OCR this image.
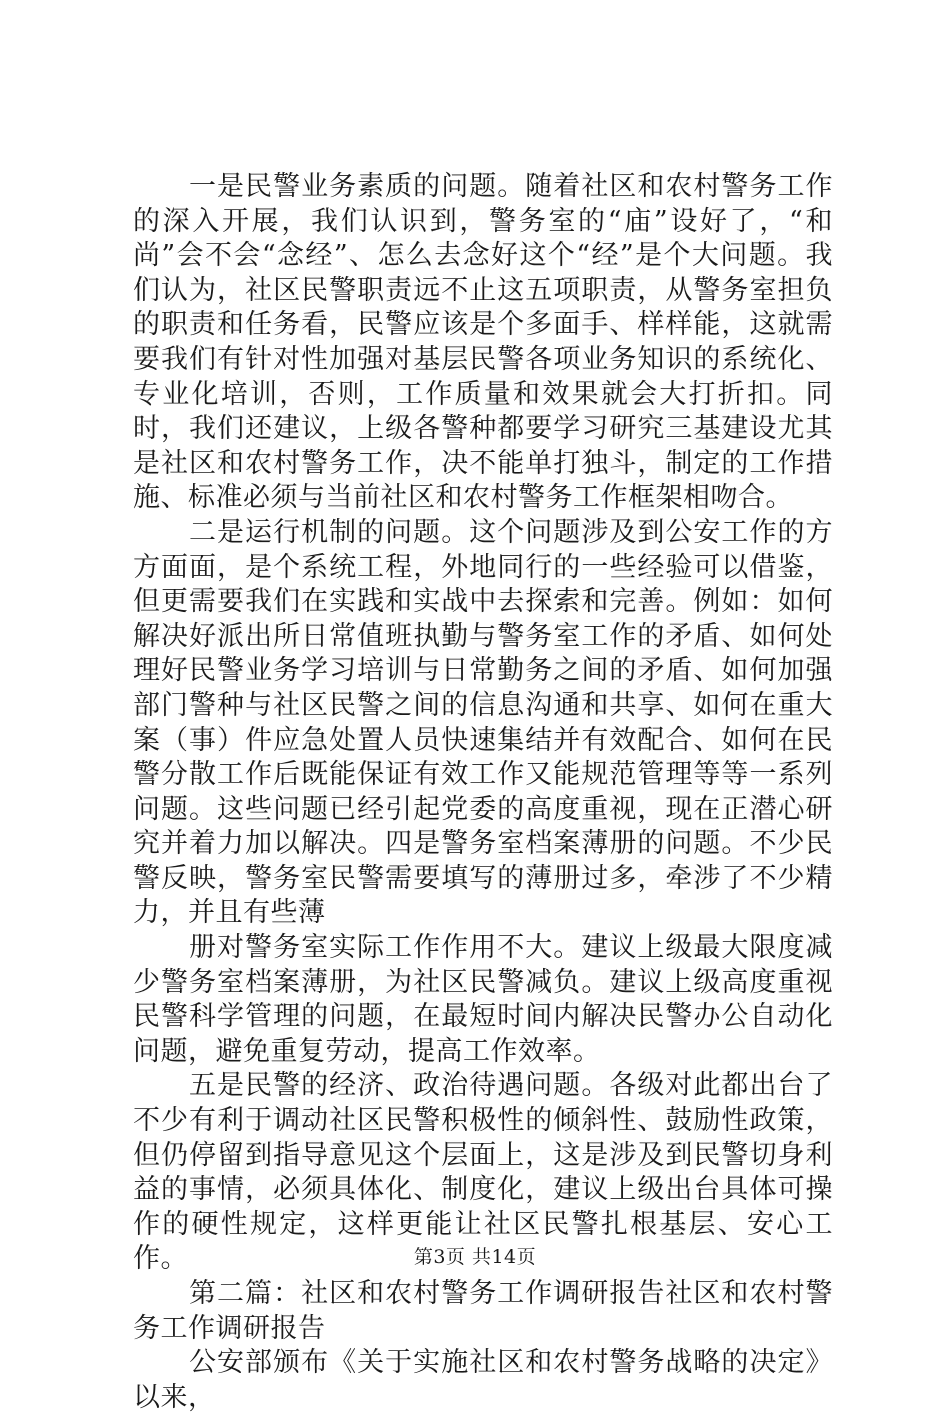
一是民警业务素质的问题。随着社区和农村警务工作的深入开展，我们认识到，警务室的“庙”设好了，“和尚”会不会“念经”、怎么去念好这个“经”是个大问题。我们认为，社区民警职责远不止这五项职责，从警务室担负的职责和任务看，民警应该是个多面手、样样能，这就需要我们有针对性加强对基层民警各项业务知识的系统化、专业化培训，否则，工作质量和效果就会大打折扣。同时，我们还建议，上级各警种都要学习研究三基建设尤其是社区和农村警务工作，决不能单打独斗，制定的工作措施、标准必须与当前社区和农村警务工作框架相吻合。

二是运行机制的问题。这个问题涉及到公安工作的方方面面，是个系统工程，外地同行的一些经验可以借鉴，但更需要我们在实践和实战中去探索和完善。例如：如何解决好派出所日常值班执勤与警务室工作的矛盾、如何处理好民警业务学习培训与日常勤务之间的矛盾、如何加强部门警种与社区民警之间的信息沟通和共享、如何在重大案（事）件应急处置人员快速集结并有效配合、如何在民警分散工作后既能保证有效工作又能规范管理等等一系列问题。这些问题已经引起党委的高度重视，现在正潜心研究并着力加以解决。四是警务室档案薄册的问题。不少民警反映，警务室民警需要填写的薄册过多，牵涉了不少精力，并且有些薄

册对警务室实际工作作用不大。建议上级最大限度减少警务室档案薄册，为社区民警减负。建议上级高度重视民警科学管理的问题，在最短时间内解决民警办公自动化问题，避免重复劳动，提高工作效率。

五是民警的经济、政治待遇问题。各级对此都出台了不少有利于调动社区民警积极性的倾斜性、鼓励性政策，但仍停留到指导意见这个层面上，这是涉及到民警切身利益的事情，必须具体化、制度化，建议上级出台具体可操作的硬性规定，这样更能让社区民警扎根基层、安心工作。

第二篇：社区和农村警务工作调研报告社区和农村警务工作调研报告

公安部颁布《关于实施社区和农村警务战略的决定》以来，

第3页 共14页
